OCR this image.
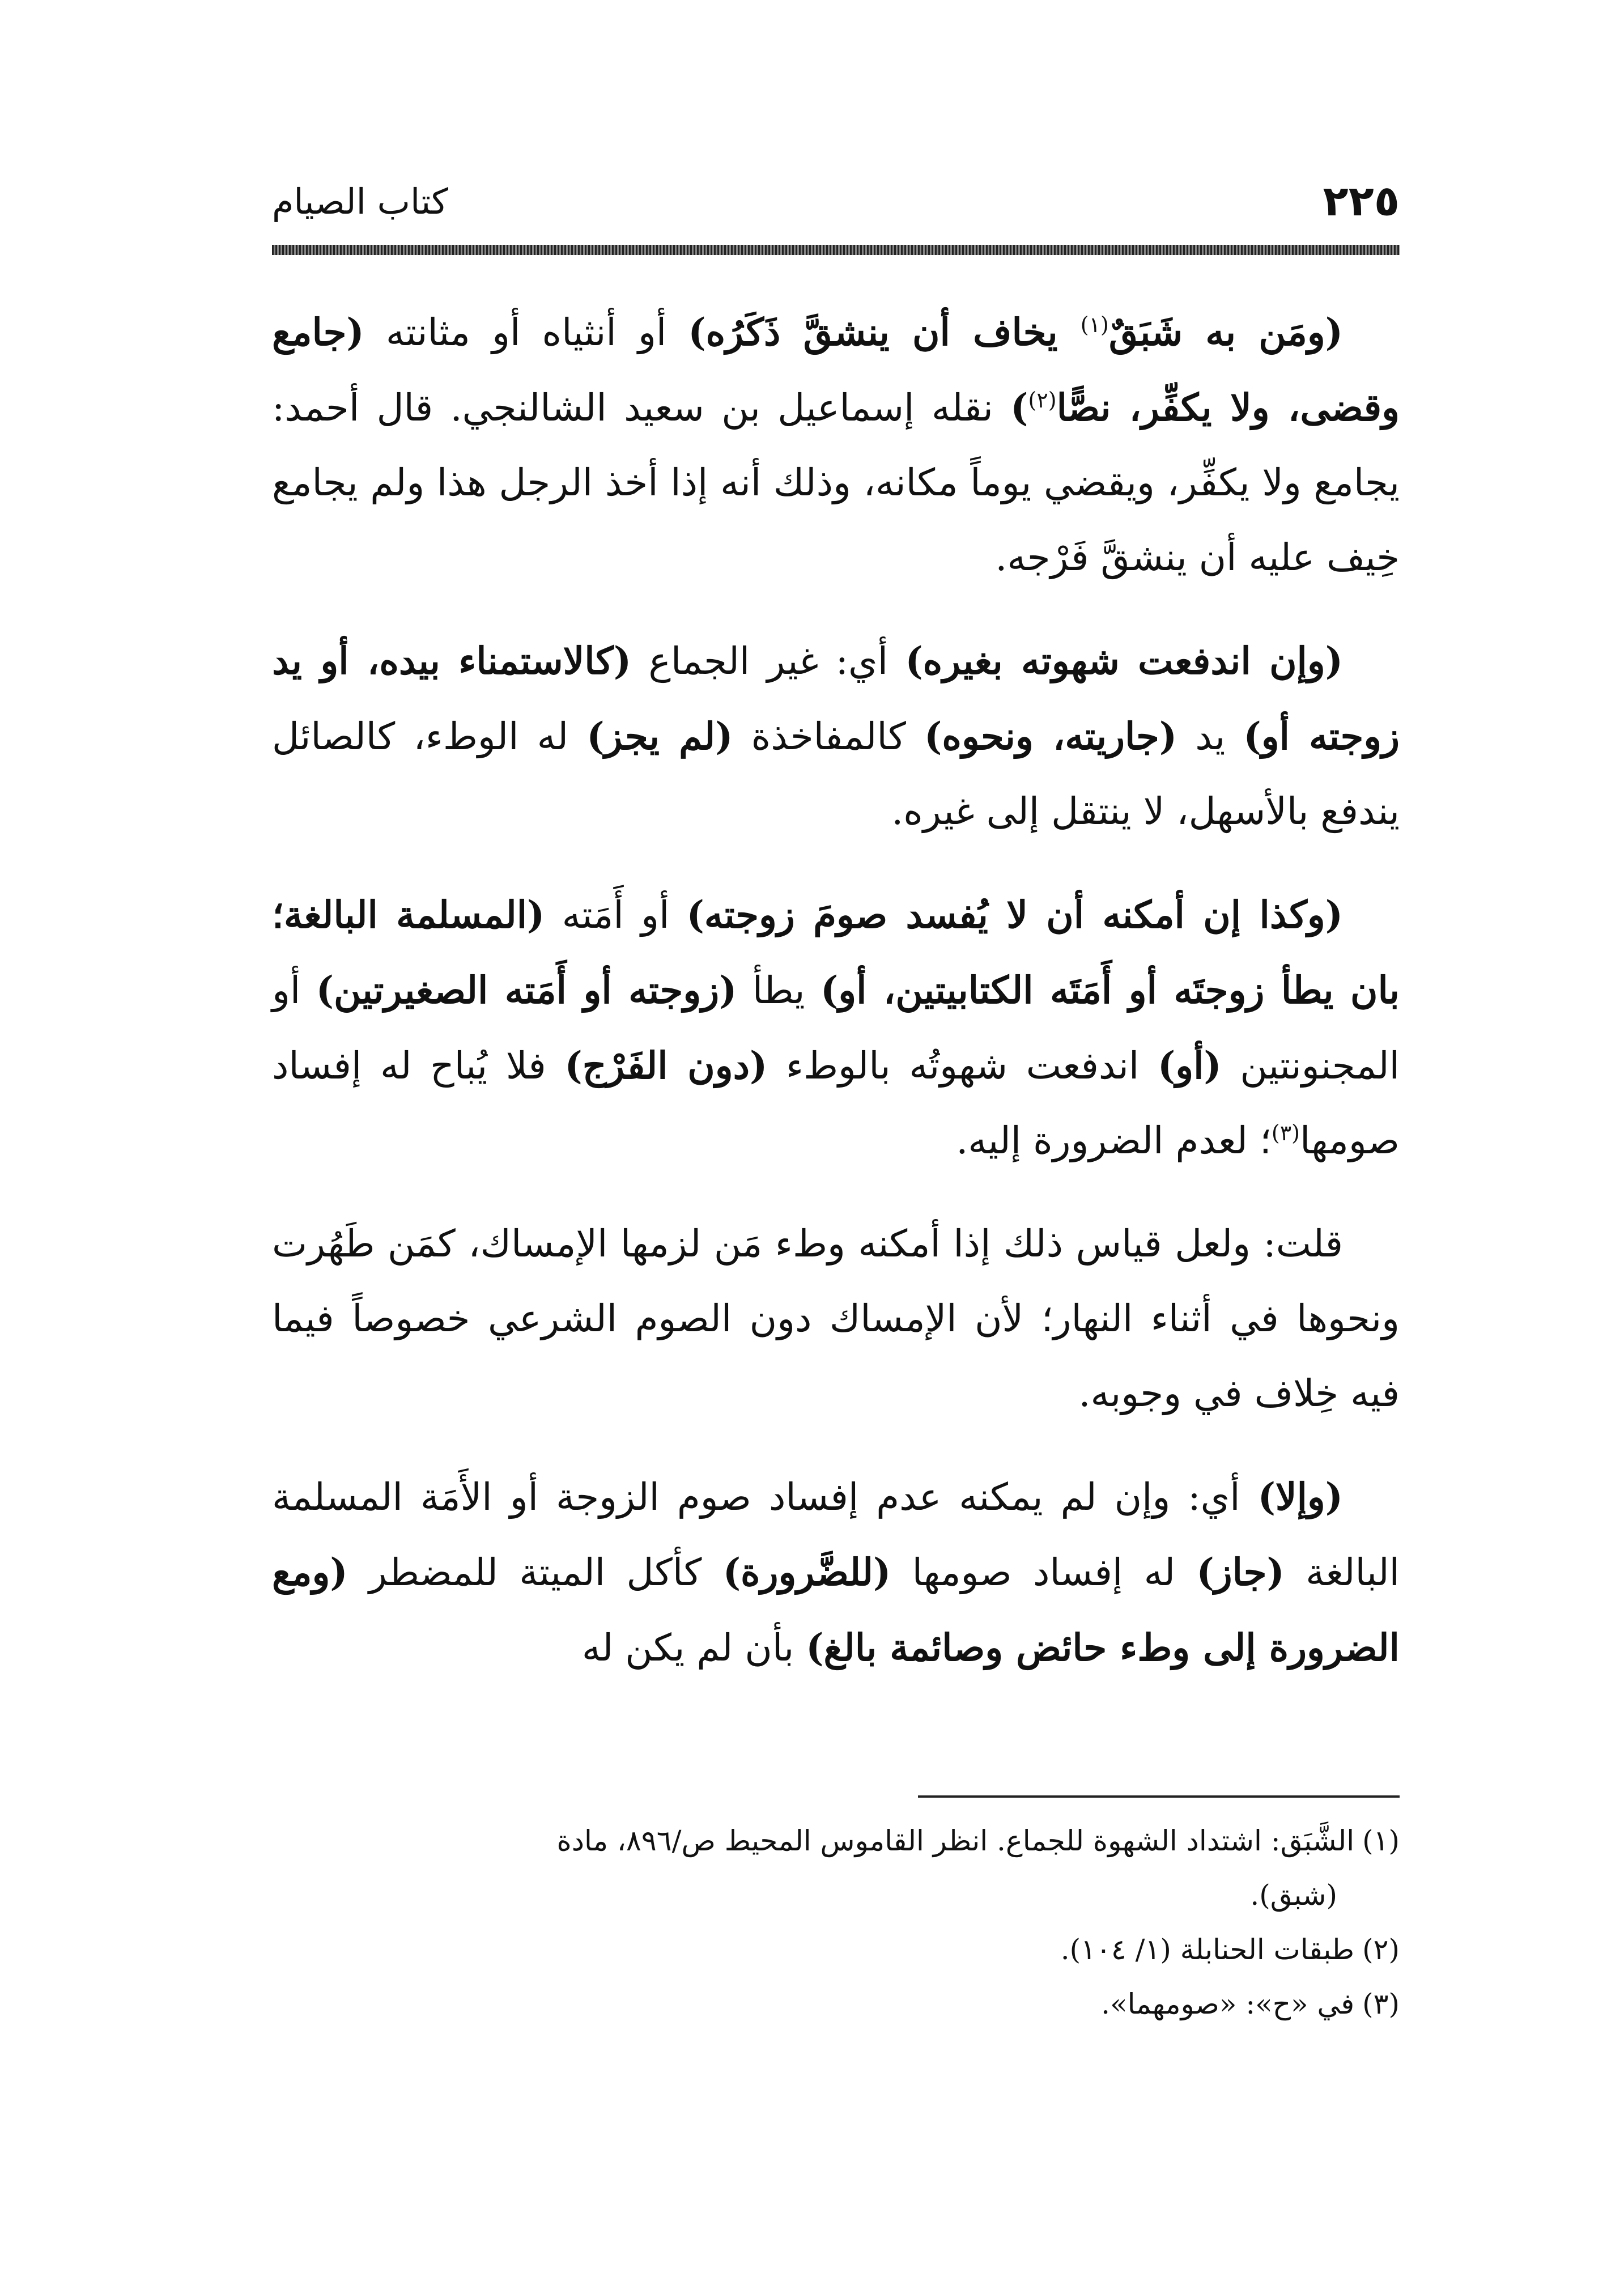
٢٢٥
كتاب الصيام

(ومَن به شَبَقٌ$^{(١)}$ يخاف أن ينشقَّ ذَكَرُه) أو أنثياه أو مثانته (جامع وقضى، ولا يكفِّر، نصًّا$^{(٢)}$) نقله إسماعيل بن سعيد الشالنجي. قال أحمد: يجامع ولا يكفِّر، ويقضي يوماً مكانه، وذلك أنه إذا أخذ الرجل هذا ولم يجامع خِيف عليه أن ينشقَّ فَرْجه.

(وإن اندفعت شهوته بغيره) أي: غير الجماع (كالاستمناء بيده، أو يد زوجته أو) يد (جاريته، ونحوه) كالمفاخذة (لم يجز) له الوطء، كالصائل يندفع بالأسهل، لا ينتقل إلى غيره.

(وكذا إن أمكنه أن لا يُفسد صومَ زوجته) أو أَمَته (المسلمة البالغة؛ بان يطأ زوجتَه أو أَمَتَه الكتابيتين، أو) يطأ (زوجته أو أَمَته الصغيرتين) أو المجنونتين (أو) اندفعت شهوتُه بالوطء (دون الفَرْج) فلا يُباح له إفساد صومها$^{(٣)}$؛ لعدم الضرورة إليه.

قلت: ولعل قياس ذلك إذا أمكنه وطء مَن لزمها الإمساك، كمَن طَهُرت ونحوها في أثناء النهار؛ لأن الإمساك دون الصوم الشرعي خصوصاً فيما فيه خِلاف في وجوبه.

(وإلا) أي: وإن لم يمكنه عدم إفساد صوم الزوجة أو الأَمَة المسلمة البالغة (جاز) له إفساد صومها (للضَّرورة) كأكل الميتة للمضطر (ومع الضرورة إلى وطء حائض وصائمة بالغ) بأن لم يكن له

(١)الشَّبَق: اشتداد الشهوة للجماع. انظر القاموس المحيط ص/٨٩٦، مادة

(شبق).

(٢)طبقات الحنابلة (١/ ١٠٤).

(٣)في «ح»: «صومهما».
